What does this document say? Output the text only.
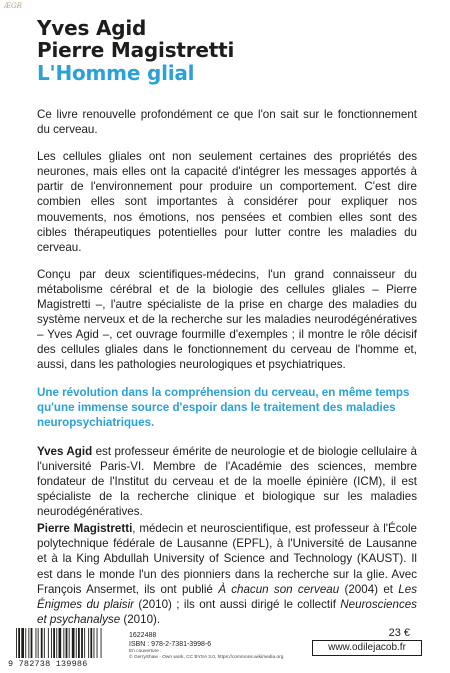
ÆGR
Yves Agid
Pierre Magistretti
L'Homme glial

Ce livre renouvelle profondément ce que l'on sait sur le fonctionnement du cerveau.

Les cellules gliales ont non seulement certaines des propriétés des neurones, mais elles ont la capacité d'intégrer les messages apportés à partir de l'environnement pour produire un comportement. C'est dire combien elles sont importantes à considérer pour expliquer nos mouvements, nos émotions, nos pensées et combien elles sont des cibles thérapeutiques potentielles pour lutter contre les maladies du cerveau.

Conçu par deux scientifiques-médecins, l'un grand connaisseur du métabolisme cérébral et de la biologie des cellules gliales – Pierre Magistretti –, l'autre spécialiste de la prise en charge des maladies du système nerveux et de la recherche sur les maladies neurodégénératives – Yves Agid –, cet ouvrage fourmille d'exemples ; il montre le rôle décisif des cellules gliales dans le fonctionnement du cerveau de l'homme et, aussi, dans les pathologies neurologiques et psychiatriques.

Une révolution dans la compréhension du cerveau, en même temps qu'une immense source d'espoir dans le traitement des maladies neuropsychiatriques.

Yves Agid est professeur émérite de neurologie et de biologie cellulaire à l'université Paris-VI. Membre de l'Académie des sciences, membre fondateur de l'Institut du cerveau et de la moelle épinière (ICM), il est spécialiste de la recherche clinique et biologique sur les maladies neurodégénératives.

Pierre Magistretti, médecin et neuroscientifique, est professeur à l'École polytechnique fédérale de Lausanne (EPFL), à l'Université de Lausanne et à la King Abdullah University of Science and Technology (KAUST). Il est dans le monde l'un des pionniers dans la recherche sur la glie. Avec François Ansermet, ils ont publié À chacun son cerveau (2004) et Les Énigmes du plaisir (2010) ; ils ont aussi dirigé le collectif Neurosciences et psychanalyse (2010).

9 782738 139986
1622488
ISBN : 978-2-7381-3998-6
En couverture :
© GerryShaw · Own work, CC BYSA 3.0, https://commons.wikimedia.org
23 €
www.odilejacob.fr
